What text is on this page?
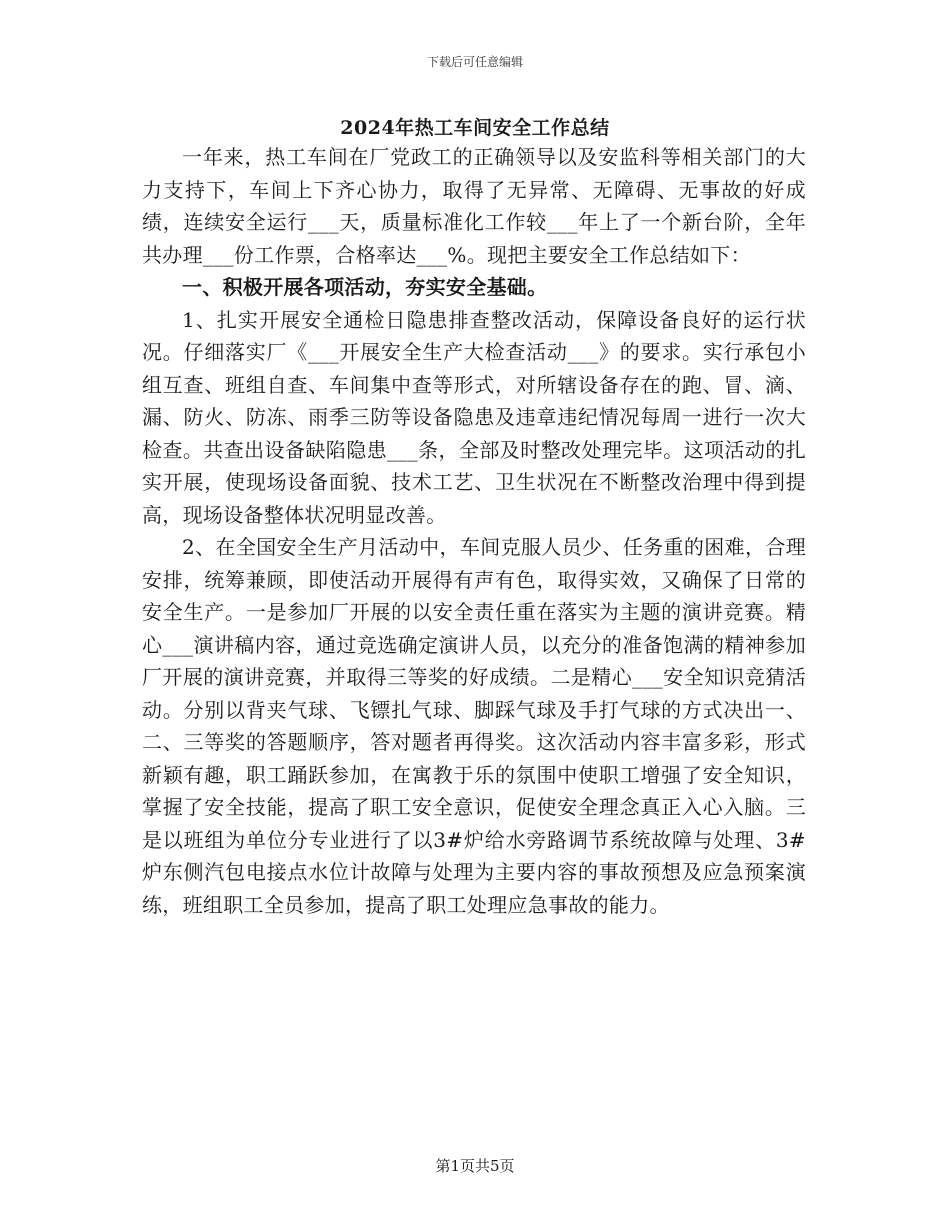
下载后可任意编辑
2024年热工车间安全工作总结

一年来，热工车间在厂党政工的正确领导以及安监科等相关部门的大力支持下，车间上下齐心协力，取得了无异常、无障碍、无事故的好成绩，连续安全运行___天，质量标准化工作较___年上了一个新台阶，全年共办理___份工作票，合格率达___%。现把主要安全工作总结如下：

一、积极开展各项活动，夯实安全基础。

1、扎实开展安全通检日隐患排查整改活动，保障设备良好的运行状况。仔细落实厂《___开展安全生产大检查活动___》的要求。实行承包小组互查、班组自查、车间集中查等形式，对所辖设备存在的跑、冒、滴、漏、防火、防冻、雨季三防等设备隐患及违章违纪情况每周一进行一次大检查。共查出设备缺陷隐患___条，全部及时整改处理完毕。这项活动的扎实开展，使现场设备面貌、技术工艺、卫生状况在不断整改治理中得到提高，现场设备整体状况明显改善。

2、在全国安全生产月活动中，车间克服人员少、任务重的困难，合理安排，统筹兼顾，即使活动开展得有声有色，取得实效，又确保了日常的安全生产。一是参加厂开展的以安全责任重在落实为主题的演讲竞赛。精心___演讲稿内容，通过竞选确定演讲人员，以充分的准备饱满的精神参加厂开展的演讲竞赛，并取得三等奖的好成绩。二是精心___安全知识竞猜活动。分别以背夹气球、飞镖扎气球、脚踩气球及手打气球的方式决出一、二、三等奖的答题顺序，答对题者再得奖。这次活动内容丰富多彩，形式新颖有趣，职工踊跃参加，在寓教于乐的氛围中使职工增强了安全知识，掌握了安全技能，提高了职工安全意识，促使安全理念真正入心入脑。三是以班组为单位分专业进行了以3#炉给水旁路调节系统故障与处理、3#炉东侧汽包电接点水位计故障与处理为主要内容的事故预想及应急预案演练，班组职工全员参加，提高了职工处理应急事故的能力。

第1页共5页
